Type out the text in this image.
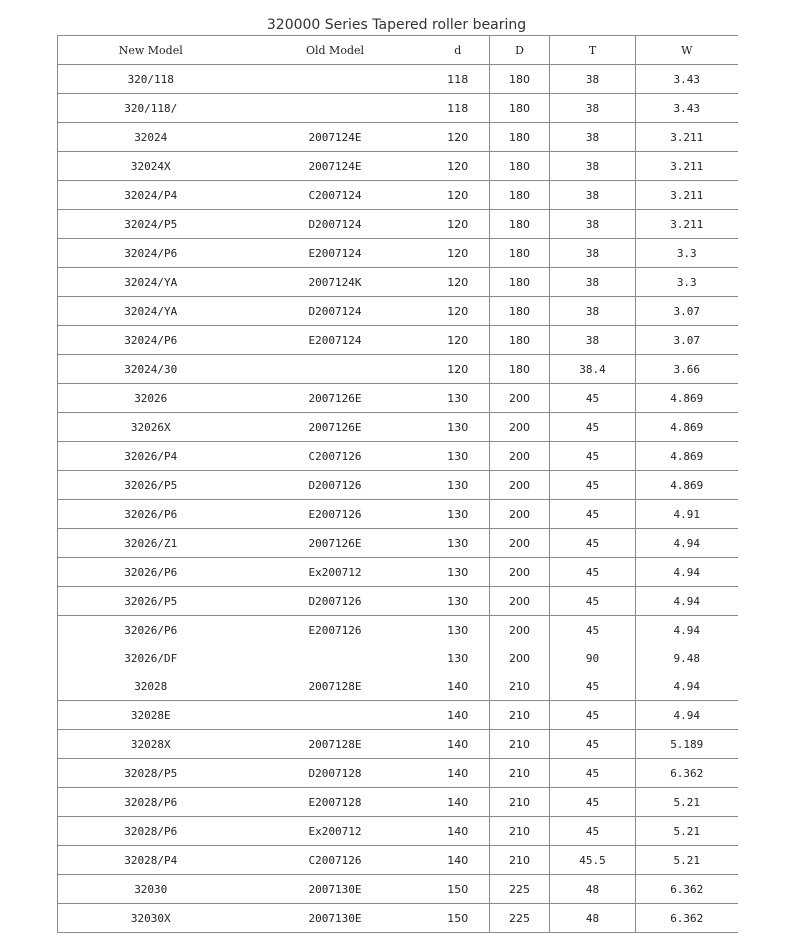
320000 Series Tapered roller bearing
New Model	Old Model	d	D	T	W
320/118		118	180	38	3.43
320/118/		118	180	38	3.43
32024	2007124E	120	180	38	3.211
32024X	2007124E	120	180	38	3.211
32024/P4	C2007124	120	180	38	3.211
32024/P5	D2007124	120	180	38	3.211
32024/P6	E2007124	120	180	38	3.3
32024/YA	2007124K	120	180	38	3.3
32024/YA	D2007124	120	180	38	3.07
32024/P6	E2007124	120	180	38	3.07
32024/30		120	180	38.4	3.66
32026	2007126E	130	200	45	4.869
32026X	2007126E	130	200	45	4.869
32026/P4	C2007126	130	200	45	4.869
32026/P5	D2007126	130	200	45	4.869
32026/P6	E2007126	130	200	45	4.91
32026/Z1	2007126E	130	200	45	4.94
32026/P6	Ex200712	130	200	45	4.94
32026/P5	D2007126	130	200	45	4.94
32026/P6	E2007126	130	200	45	4.94
32026/DF		130	200	90	9.48
32028	2007128E	140	210	45	4.94
32028E		140	210	45	4.94
32028X	2007128E	140	210	45	5.189
32028/P5	D2007128	140	210	45	6.362
32028/P6	E2007128	140	210	45	5.21
32028/P6	Ex200712	140	210	45	5.21
32028/P4	C2007126	140	210	45.5	5.21
32030	2007130E	150	225	48	6.362
32030X	2007130E	150	225	48	6.362
